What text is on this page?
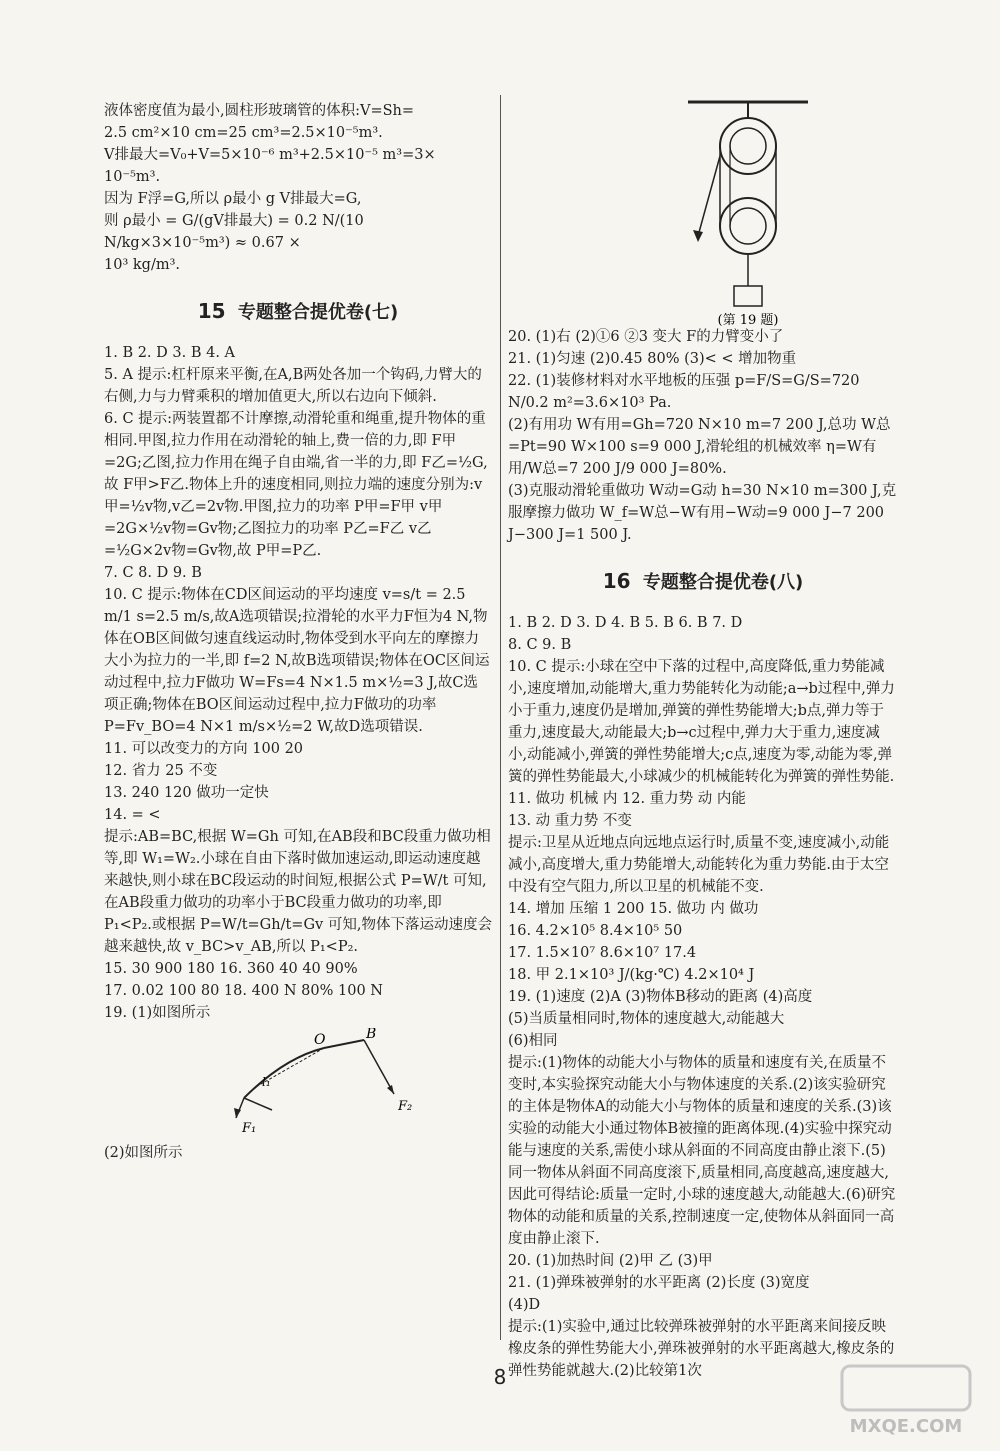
液体密度值为最小,圆柱形玻璃管的体积:V=Sh=

2.5 cm²×10 cm=25 cm³=2.5×10⁻⁵m³.

V排最大=V₀+V=5×10⁻⁶ m³+2.5×10⁻⁵ m³=3×

10⁻⁵m³.

因为 F浮=G,所以 ρ最小 g V排最大=G,

则 ρ最小 = G/(gV排最大) = 0.2 N/(10 N/kg×3×10⁻⁵m³) ≈ 0.67 ×

10³ kg/m³.

15 专题整合提优卷(七)

1. B 2. D 3. B 4. A

5. A 提示:杠杆原来平衡,在A,B两处各加一个钩码,力臂大的右侧,力与力臂乘积的增加值更大,所以右边向下倾斜.

6. C 提示:两装置都不计摩擦,动滑轮重和绳重,提升物体的重相同.甲图,拉力作用在动滑轮的轴上,费一倍的力,即 F甲=2G;乙图,拉力作用在绳子自由端,省一半的力,即 F乙=½G,故 F甲>F乙.物体上升的速度相同,则拉力端的速度分别为:v甲=½v物,v乙=2v物.甲图,拉力的功率 P甲=F甲 v甲=2G×½v物=Gv物;乙图拉力的功率 P乙=F乙 v乙=½G×2v物=Gv物,故 P甲=P乙.

7. C 8. D 9. B

10. C 提示:物体在CD区间运动的平均速度 v=s/t = 2.5 m/1 s=2.5 m/s,故A选项错误;拉滑轮的水平力F恒为4 N,物体在OB区间做匀速直线运动时,物体受到水平向左的摩擦力大小为拉力的一半,即 f=2 N,故B选项错误;物体在OC区间运动过程中,拉力F做功 W=Fs=4 N×1.5 m×½=3 J,故C选项正确;物体在BO区间运动过程中,拉力F做功的功率 P=Fv_BO=4 N×1 m/s×½=2 W,故D选项错误.

11. 可以改变力的方向 100 20

12. 省力 25 不变

13. 240 120 做功一定快

14. = <

提示:AB=BC,根据 W=Gh 可知,在AB段和BC段重力做功相等,即 W₁=W₂.小球在自由下落时做加速运动,即运动速度越来越快,则小球在BC段运动的时间短,根据公式 P=W/t 可知,在AB段重力做功的功率小于BC段重力做功的功率,即 P₁<P₂.或根据 P=W/t=Gh/t=Gv 可知,物体下落运动速度会越来越快,故 v_BC>v_AB,所以 P₁<P₂.

15. 30 900 180 16. 360 40 40 90%

17. 0.02 100 80 18. 400 N 80% 100 N

19. (1)如图所示

O	B
l₁
F₁
F₂

(2)如图所示

(第 19 题)

20. (1)右 (2)①6 ②3 变大 F的力臂变小了

21. (1)匀速 (2)0.45 80% (3)< < 增加物重

22. (1)装修材料对水平地板的压强 p=F/S=G/S=720 N/0.2 m²=3.6×10³ Pa.

(2)有用功 W有用=Gh=720 N×10 m=7 200 J,总功 W总=Pt=90 W×100 s=9 000 J,滑轮组的机械效率 η=W有用/W总=7 200 J/9 000 J=80%.

(3)克服动滑轮重做功 W动=G动 h=30 N×10 m=300 J,克服摩擦力做功 W_f=W总−W有用−W动=9 000 J−7 200 J−300 J=1 500 J.

16 专题整合提优卷(八)

1. B 2. D 3. D 4. B 5. B 6. B 7. D

8. C 9. B

10. C 提示:小球在空中下落的过程中,高度降低,重力势能减小,速度增加,动能增大,重力势能转化为动能;a→b过程中,弹力小于重力,速度仍是增加,弹簧的弹性势能增大;b点,弹力等于重力,速度最大,动能最大;b→c过程中,弹力大于重力,速度减小,动能减小,弹簧的弹性势能增大;c点,速度为零,动能为零,弹簧的弹性势能最大,小球减少的机械能转化为弹簧的弹性势能.

11. 做功 机械 内 12. 重力势 动 内能

13. 动 重力势 不变

提示:卫星从近地点向远地点运行时,质量不变,速度减小,动能减小,高度增大,重力势能增大,动能转化为重力势能.由于太空中没有空气阻力,所以卫星的机械能不变.

14. 增加 压缩 1 200 15. 做功 内 做功

16. 4.2×10⁵ 8.4×10⁵ 50

17. 1.5×10⁷ 8.6×10⁷ 17.4

18. 甲 2.1×10³ J/(kg·℃) 4.2×10⁴ J

19. (1)速度 (2)A (3)物体B移动的距离 (4)高度

(5)当质量相同时,物体的速度越大,动能越大

(6)相同

提示:(1)物体的动能大小与物体的质量和速度有关,在质量不变时,本实验探究动能大小与物体速度的关系.(2)该实验研究的主体是物体A的动能大小与物体的质量和速度的关系.(3)该实验的动能大小通过物体B被撞的距离体现.(4)实验中探究动能与速度的关系,需使小球从斜面的不同高度由静止滚下.(5)同一物体从斜面不同高度滚下,质量相同,高度越高,速度越大,因此可得结论:质量一定时,小球的速度越大,动能越大.(6)研究物体的动能和质量的关系,控制速度一定,使物体从斜面同一高度由静止滚下.

20. (1)加热时间 (2)甲 乙 (3)甲

21. (1)弹珠被弹射的水平距离 (2)长度 (3)宽度

(4)D

提示:(1)实验中,通过比较弹珠被弹射的水平距离来间接反映橡皮条的弹性势能大小,弹珠被弹射的水平距离越大,橡皮条的弹性势能就越大.(2)比较第1次

8
MXQE.COM
